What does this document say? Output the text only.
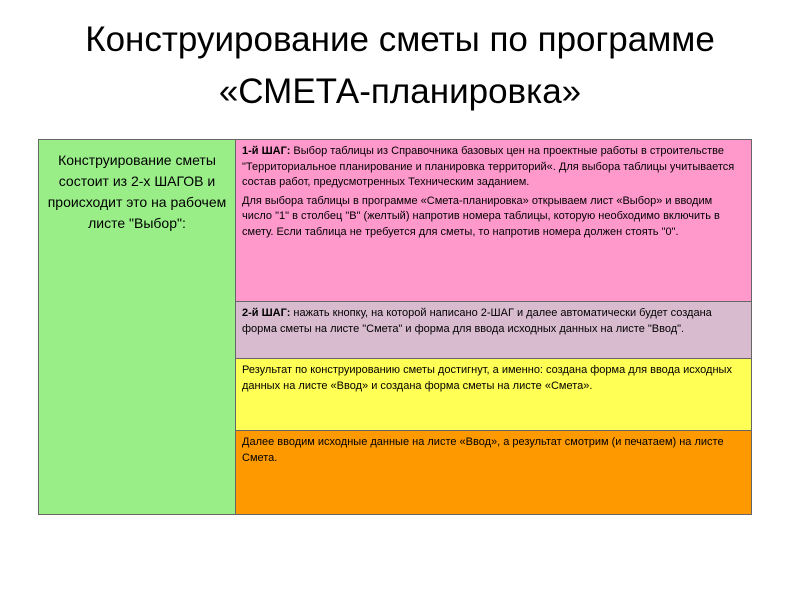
Конструирование сметы по программе «СМЕТА-планировка»
Конструирование сметы состоит из 2-х ШАГОВ и происходит это на рабочем листе "Выбор":

1-й ШАГ: Выбор таблицы из Справочника базовых цен на проектные работы в строительстве "Территориальное планирование и планировка территорий«. Для выбора таблицы учитывается состав работ, предусмотренных Техническим заданием.

Для выбора таблицы в программе «Смета-планировка» открываем лист «Выбор» и вводим число "1" в столбец "В" (желтый) напротив номера таблицы, которую необходимо включить в смету. Если таблица не требуется для сметы, то напротив номера должен стоять "0".

2-й ШАГ: нажать кнопку, на которой написано 2-ШАГ и далее автоматически будет создана форма сметы на листе "Смета" и форма для ввода исходных данных на листе "Ввод".

Результат по конструированию сметы достигнут, а именно: создана форма для ввода исходных данных на листе «Ввод» и создана форма сметы на листе «Смета».

Далее вводим исходные данные на листе «Ввод», а результат смотрим (и печатаем) на листе Смета.
